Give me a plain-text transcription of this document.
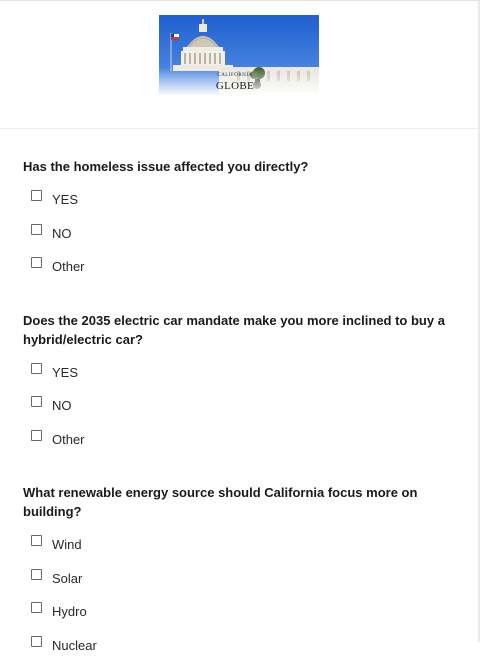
CALIFORNIA
GLOBE
Has the homeless issue affected you directly?
YES
NO
Other
Does the 2035 electric car mandate make you more inclined to buy a hybrid/electric car?
YES
NO
Other
What renewable energy source should California focus more on building?
Wind
Solar
Hydro
Nuclear
